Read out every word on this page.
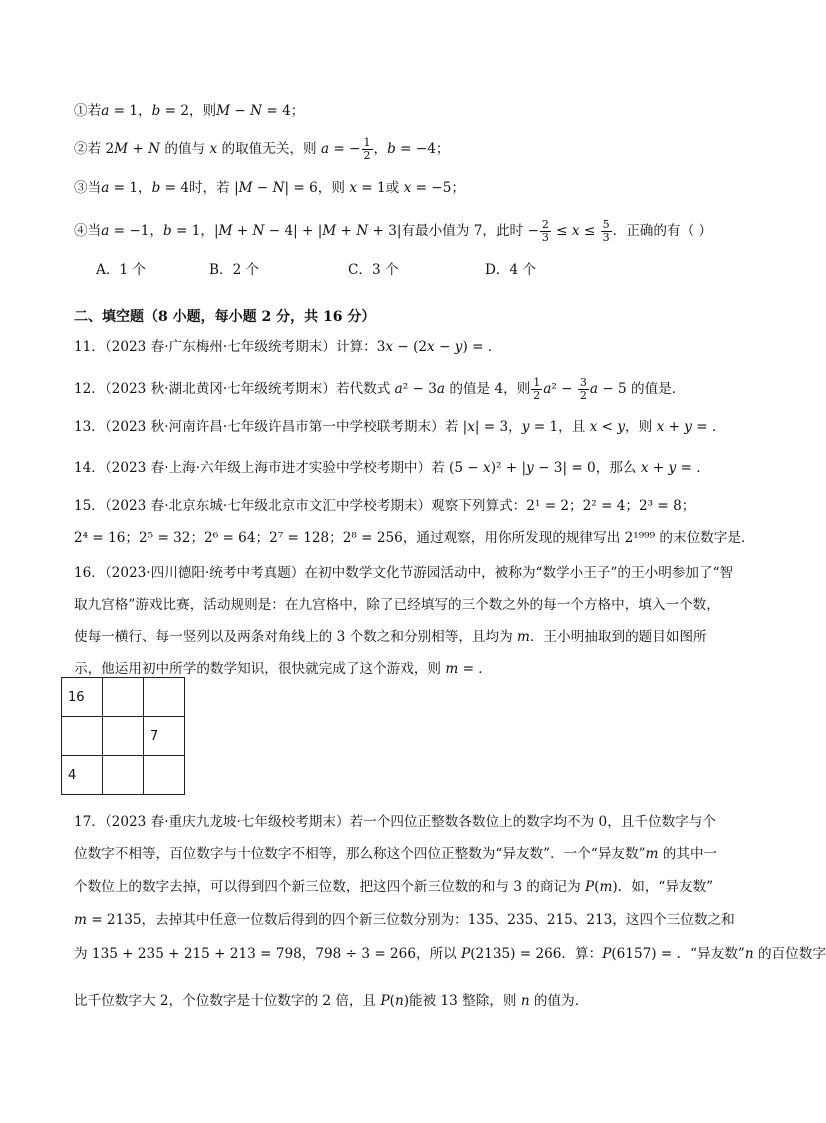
①若a = 1，b = 2，则M − N = 4；
②若 2M + N 的值与 x 的取值无关，则 a = − $\frac{1}{2}$ ，b = −4；
③当a = 1，b = 4时，若 |M − N| = 6，则 x = 1或 x = −5；
④当a = −1，b = 1，|M + N − 4| + |M + N + 3|有最小值为 7，此时 − $\frac{2}{3} \le x \le \frac{5}{3}$ ．正确的有（ ）
A．1 个	B．2 个	C．3 个	D．4 个
二、填空题（8 小题，每小题 2 分，共 16 分）
11．（2023 春·广东梅州·七年级统考期末）计算：3x − (2x − y) = ．
12．（2023 秋·湖北黄冈·七年级统考期末）若代数式 a² − 3a 的值是 4，则 $\frac{1}{2} a^2 - \frac{3}{2}$ a − 5 的值是．
13．（2023 秋·河南许昌·七年级许昌市第一中学校联考期末）若 |x| = 3，y = 1，且 x < y，则 x + y = ．
14．（2023 春·上海·六年级上海市进才实验中学校考期中）若 (5 − x)² + |y − 3| = 0，那么 x + y = ．
15．（2023 春·北京东城·七年级北京市文汇中学校考期末）观察下列算式：2¹ = 2；2² = 4；2³ = 8；
2⁴ = 16；2⁵ = 32；2⁶ = 64；2⁷ = 128；2⁸ = 256，通过观察，用你所发现的规律写出 2¹⁹⁹⁹ 的末位数字是．
16．（2023·四川德阳·统考中考真题）在初中数学文化节游园活动中，被称为“数学小王子”的王小明参加了“智
取九宫格”游戏比赛，活动规则是：在九宫格中，除了已经填写的三个数之外的每一个方格中，填入一个数，
使每一横行、每一竖列以及两条对角线上的 3 个数之和分别相等，且均为 m．王小明抽取到的题目如图所
示，他运用初中所学的数学知识，很快就完成了这个游戏，则 m = ．
16		
		7
4		
17．（2023 春·重庆九龙坡·七年级校考期末）若一个四位正整数各数位上的数字均不为 0，且千位数字与个
位数字不相等，百位数字与十位数字不相等，那么称这个四位正整数为“异友数”．一个“异友数”m 的其中一
个数位上的数字去掉，可以得到四个新三位数，把这四个新三位数的和与 3 的商记为 P(m)．如，“异友数”
m = 2135，去掉其中任意一位数后得到的四个新三位数分别为：135、235、215、213，这四个三位数之和
为 135 + 235 + 215 + 213 = 798，798 ÷ 3 = 266，所以 P(2135) = 266．算：P(6157) = ．“异友数”n 的百位数字
比千位数字大 2，个位数字是十位数字的 2 倍，且 P(n)能被 13 整除，则 n 的值为．
